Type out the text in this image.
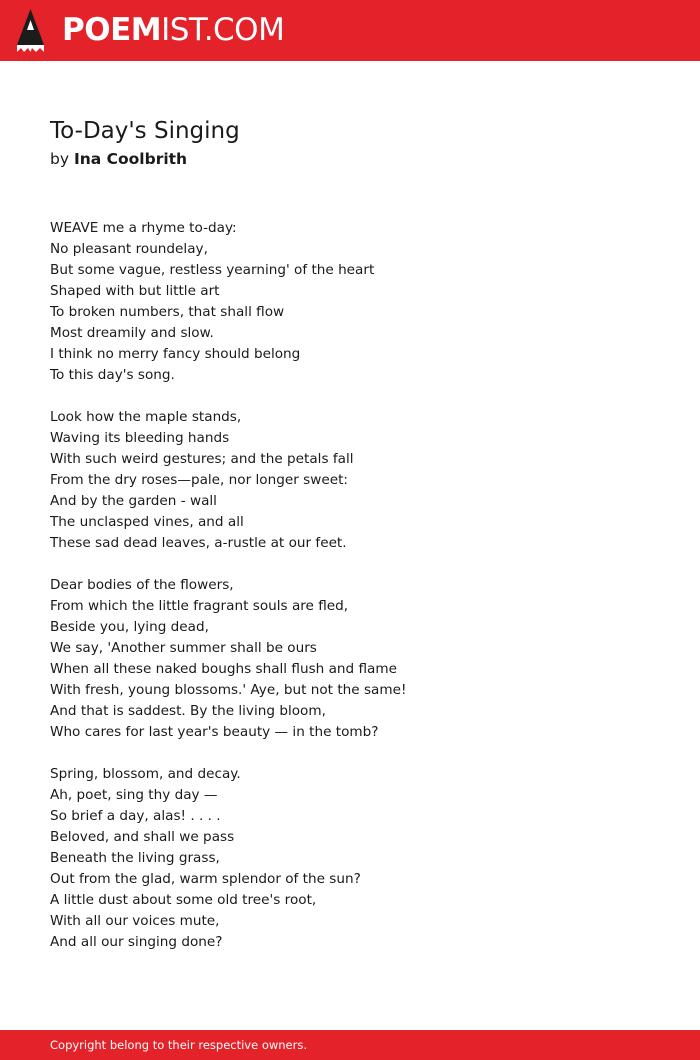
POEMIST.COM
To-Day's Singing
by Ina Coolbrith
WEAVE me a rhyme to-day:
No pleasant roundelay,
But some vague, restless yearning' of the heart
Shaped with but little art
To broken numbers, that shall flow
Most dreamily and slow.
I think no merry fancy should belong
To this day's song.
Look how the maple stands,
Waving its bleeding hands
With such weird gestures; and the petals fall
From the dry roses—pale, nor longer sweet:
And by the garden - wall
The unclasped vines, and all
These sad dead leaves, a-rustle at our feet.
Dear bodies of the flowers,
From which the little fragrant souls are fled,
Beside you, lying dead,
We say, 'Another summer shall be ours
When all these naked boughs shall flush and flame
With fresh, young blossoms.' Aye, but not the same!
And that is saddest. By the living bloom,
Who cares for last year's beauty — in the tomb?
Spring, blossom, and decay.
Ah, poet, sing thy day —
So brief a day, alas! . . . .
Beloved, and shall we pass
Beneath the living grass,
Out from the glad, warm splendor of the sun?
A little dust about some old tree's root,
With all our voices mute,
And all our singing done?
Copyright belong to their respective owners.
